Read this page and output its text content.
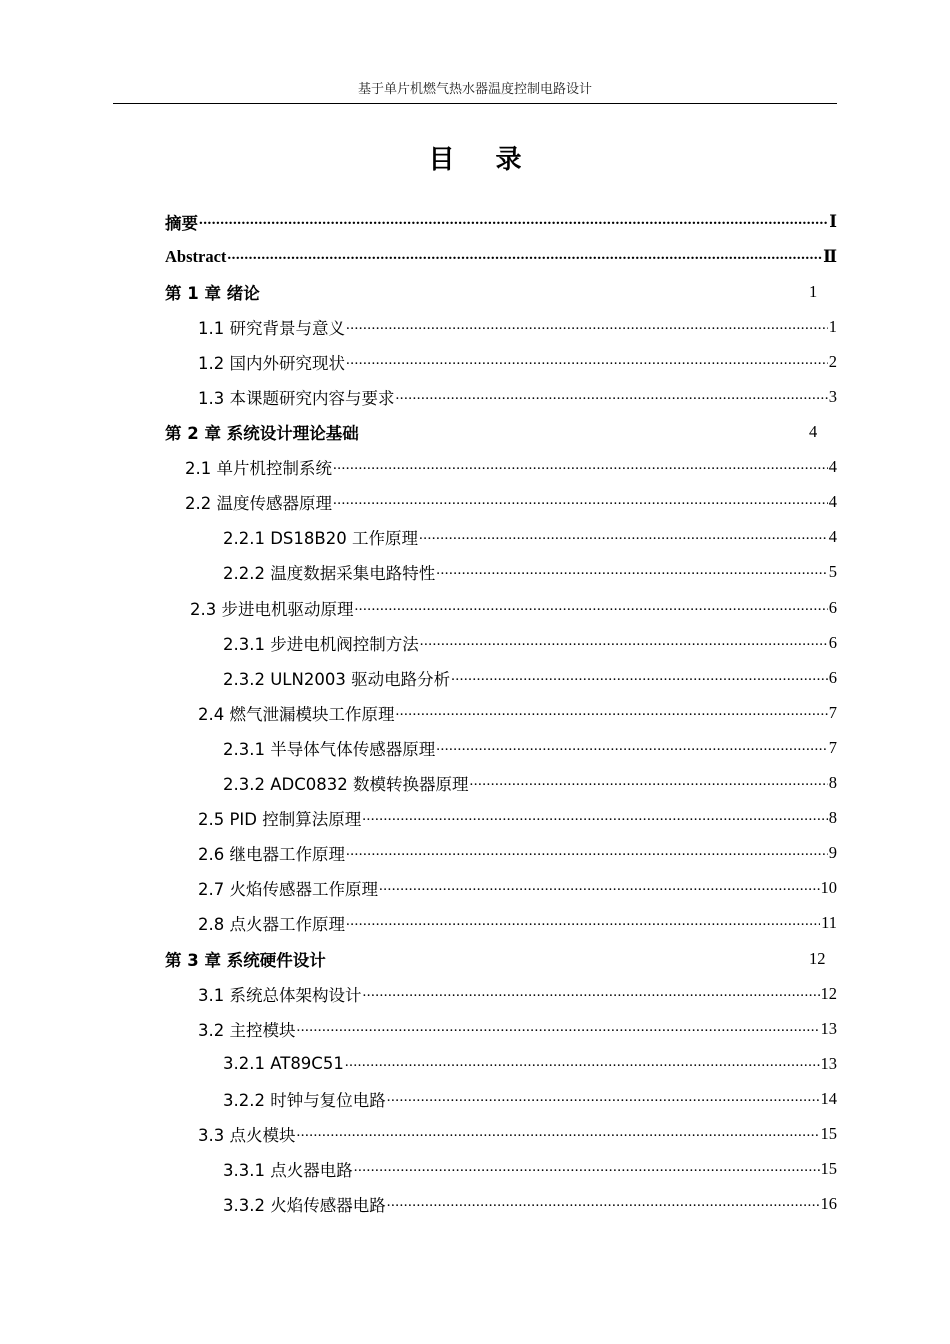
基于单片机燃气热水器温度控制电路设计
目 录
摘要 .....	Ⅰ
Abstract .....	Ⅱ
第 1 章 绪论	1
1.1 研究背景与意义 .....	1
1.2 国内外研究现状 .....	2
1.3 本课题研究内容与要求 .....	3
第 2 章 系统设计理论基础	4
2.1 单片机控制系统 .....	4
2.2 温度传感器原理 .....	4
2.2.1 DS18B20 工作原理 .....	4
2.2.2 温度数据采集电路特性 .....	5
2.3 步进电机驱动原理 .....	6
2.3.1 步进电机阀控制方法 .....	6
2.3.2 ULN2003 驱动电路分析 .....	6
2.4 燃气泄漏模块工作原理 .....	7
2.3.1 半导体气体传感器原理 .....	7
2.3.2 ADC0832 数模转换器原理 .....	8
2.5 PID 控制算法原理 .....	8
2.6 继电器工作原理 .....	9
2.7 火焰传感器工作原理 .....	10
2.8 点火器工作原理 .....	11
第 3 章 系统硬件设计	12
3.1 系统总体架构设计 .....	12
3.2 主控模块 .....	13
3.2.1 AT89C51 .....	13
3.2.2 时钟与复位电路 .....	14
3.3 点火模块 .....	15
3.3.1 点火器电路 .....	15
3.3.2 火焰传感器电路 .....	16
